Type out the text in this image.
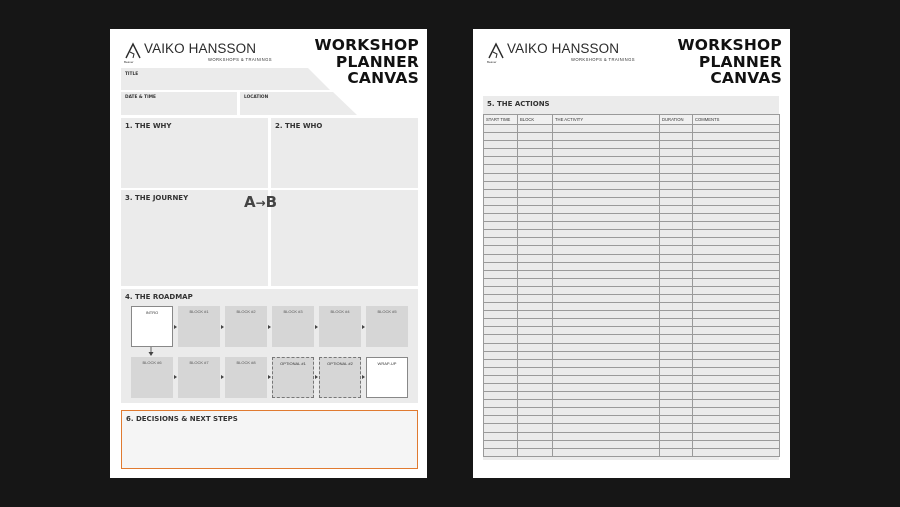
VAIKO HANSSON
WORKSHOPS & TRAININGS
Beaver
WORKSHOP
PLANNER
CANVAS
TITLE
DATE & TIME	LOCATION
1. THE WHY	2. THE WHO
3. THE JOURNEY	A→B
4. THE ROADMAP
INTRO	BLOCK #1	BLOCK #2	BLOCK #3	BLOCK #4	BLOCK #5
BLOCK #6	BLOCK #7	BLOCK #8	OPTIONAL #1	OPTIONAL #2	WRAP-UP
6. DECISIONS & NEXT STEPS
VAIKO HANSSON
WORKSHOPS & TRAININGS
Beaver
WORKSHOP
PLANNER
CANVAS
5. THE ACTIONS
START TIME	BLOCK	THE ACTIVITY	DURATION	COMMENTS
